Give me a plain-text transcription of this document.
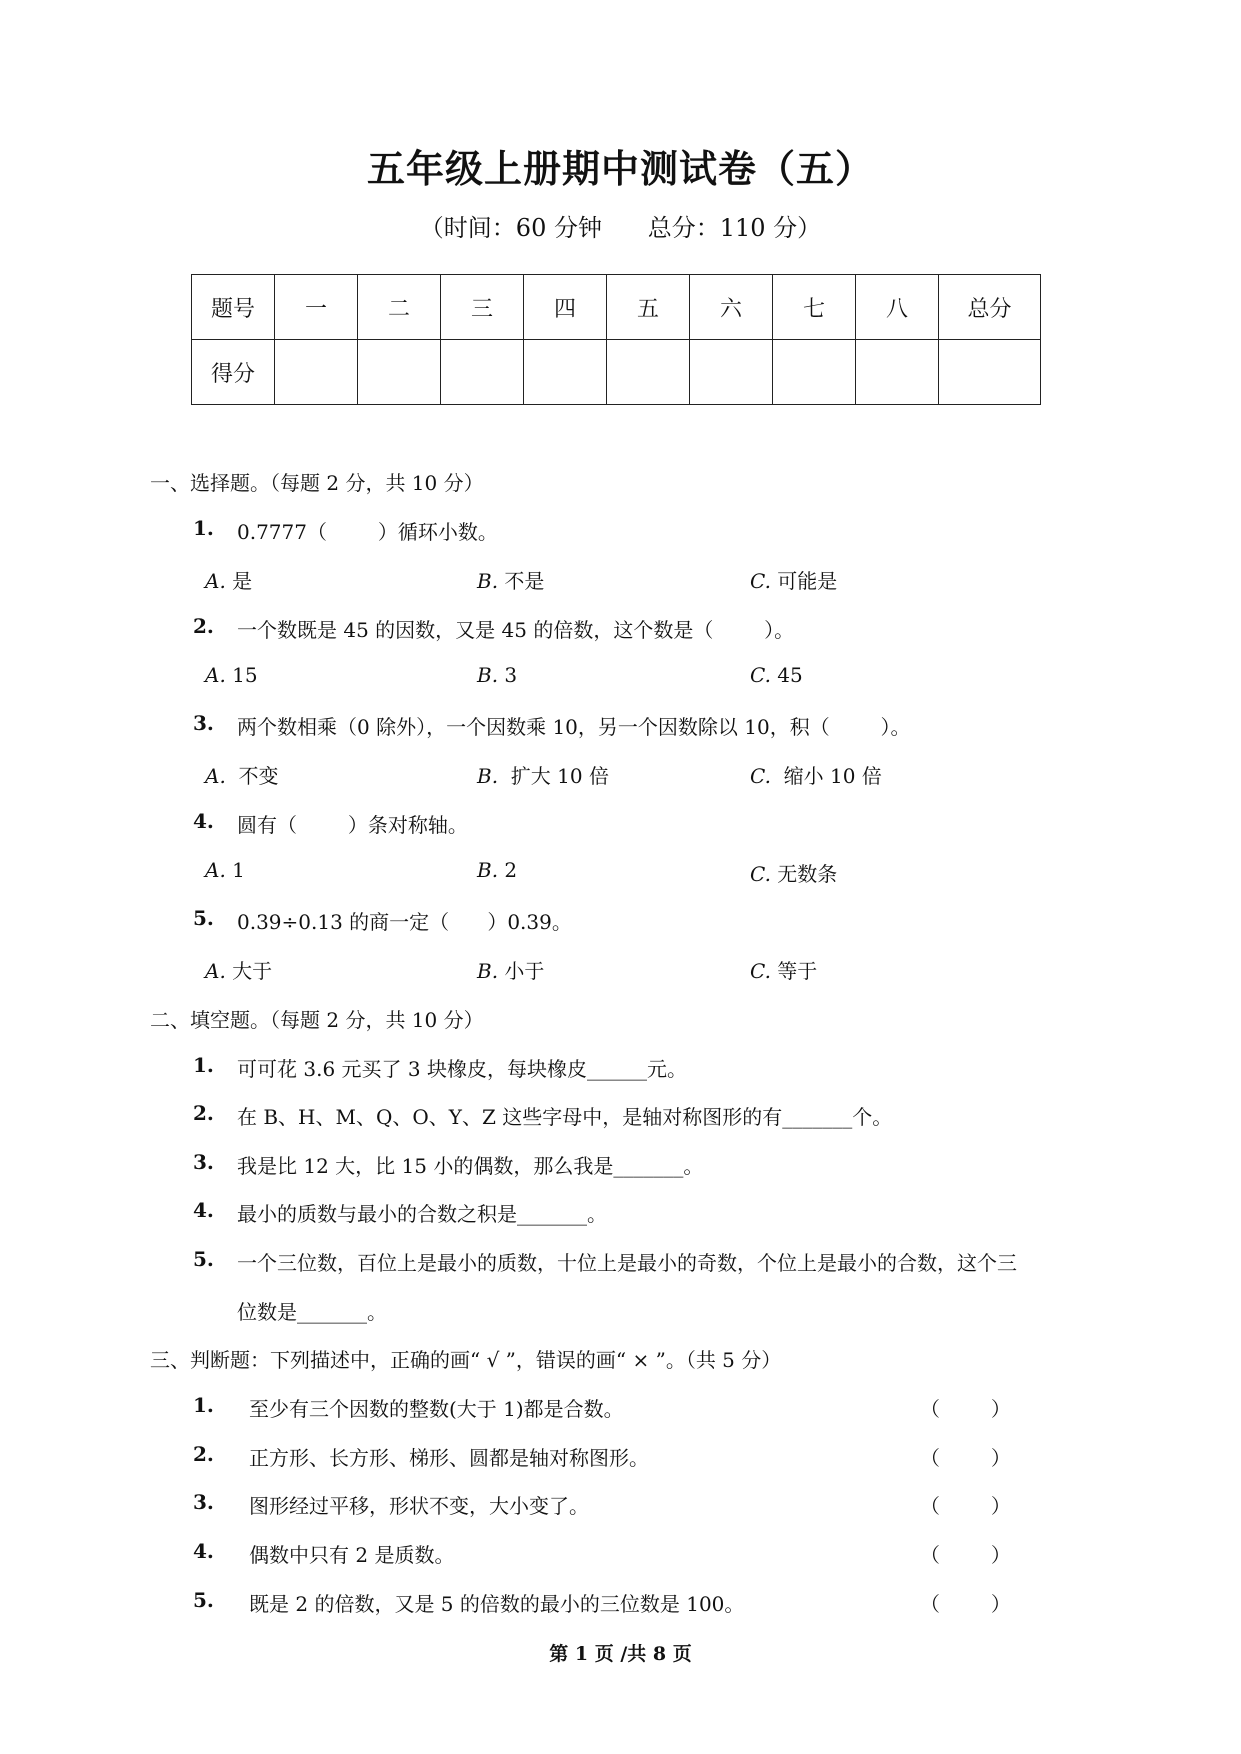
五年级上册期中测试卷（五）
（时间：60 分钟      总分：110 分）
题号	一	二	三	四	五	六	七	八	总分
得分									
一、选择题。（每题 2 分，共 10 分）
1. 0.7777（        ）循环小数。
A. 是	B. 不是	C. 可能是
2. 一个数既是 45 的因数，又是 45 的倍数，这个数是（        ）。
A. 15	B. 3	C. 45
3. 两个数相乘（0 除外），一个因数乘 10，另一个因数除以 10，积（        ）。
A.  不变	B.  扩大 10 倍	C.  缩小 10 倍
4. 圆有（        ）条对称轴。
A. 1	B. 2	C. 无数条
5. 0.39÷0.13 的商一定（      ）0.39。
A. 大于	B. 小于	C. 等于
二、填空题。（每题 2 分，共 10 分）
1. 可可花 3.6 元买了 3 块橡皮，每块橡皮______元。
2. 在 B、H、M、Q、O、Y、Z 这些字母中，是轴对称图形的有_______个。
3. 我是比 12 大，比 15 小的偶数，那么我是_______。
4. 最小的质数与最小的合数之积是_______。
5. 一个三位数，百位上是最小的质数，十位上是最小的奇数，个位上是最小的合数，这个三
位数是_______。
三、判断题：下列描述中，正确的画“ √ ”，错误的画“ × ”。（共 5 分）
1. 至少有三个因数的整数(大于 1)都是合数。	（        ）
2. 正方形、长方形、梯形、圆都是轴对称图形。	（        ）
3. 图形经过平移，形状不变，大小变了。	（        ）
4. 偶数中只有 2 是质数。	（        ）
5. 既是 2 的倍数，又是 5 的倍数的最小的三位数是 100。	（        ）
第 1 页 /共 8 页
